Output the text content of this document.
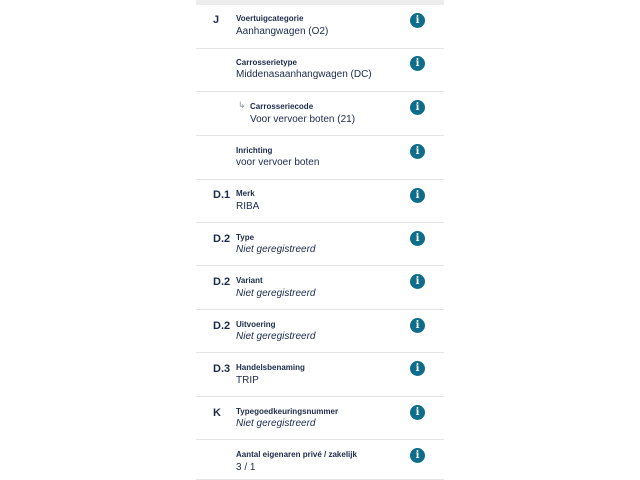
J Voertuigcategorie
Aanhangwagen (O2)
i
Carrosserietype
Middenasaanhangwagen (DC)
i
↳ Carrosseriecode
Voor vervoer boten (21)
i
Inrichting
voor vervoer boten
i
D.1 Merk
RIBA
i
D.2 Type
Niet geregistreerd
i
D.2 Variant
Niet geregistreerd
i
D.2 Uitvoering
Niet geregistreerd
i
D.3 Handelsbenaming
TRIP
i
K Typegoedkeuringsnummer
Niet geregistreerd
i
Aantal eigenaren privé / zakelijk
3 / 1
i
